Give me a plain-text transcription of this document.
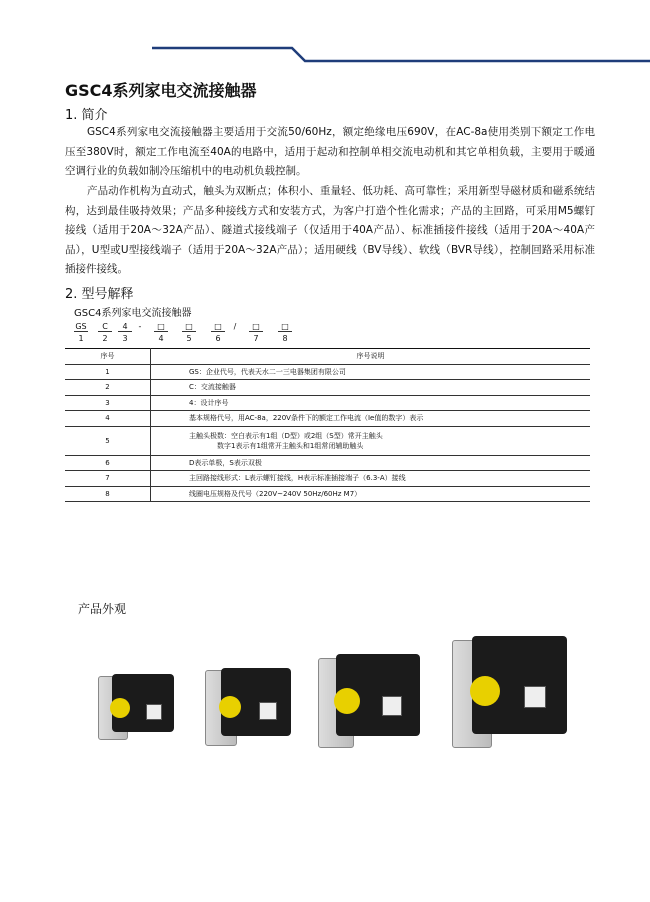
GSC4系列家电交流接触器
1. 简介
GSC4系列家电交流接触器主要适用于交流50/60Hz，额定绝缘电压690V，在AC-8a使用类别下额定工作电压至380V时，额定工作电流至40A的电路中，适用于起动和控制单相交流电动机和其它单相负载，主要用于暖通空调行业的负载如制冷压缩机中的电动机负载控制。
产品动作机构为直动式，触头为双断点；体积小、重量轻、低功耗、高可靠性；采用新型导磁材质和磁系统结构，达到最佳吸持效果；产品多种接线方式和安装方式，为客户打造个性化需求；产品的主回路，可采用M5螺钉接线（适用于20A～32A产品）、隧道式接线端子（仅适用于40A产品）、标准插接件接线（适用于20A～40A产品），U型或U型接线端子（适用于20A～32A产品）；适用硬线（BV导线）、软线（BVR导线），控制回路采用标准插接件接线。
2. 型号解释
GSC4系列家电交流接触器
GS	C	4	-	□	□	□	/	□	□
1	2	3	4	5	6	7	8
序号	序号说明
1	GS：企业代号，代表天水二一三电器集团有限公司
2	C：交流接触器
3	4：设计序号
4	基本规格代号，用AC-8a，220V条件下的额定工作电流（Ie值的数字）表示
5	主触头极数：空白表示有1组（D型）或2组（S型）常开主触头
数字1表示有1组常开主触头和1组常闭辅助触头

6	D表示单极，S表示双极
7	主回路接线形式：L表示螺钉接线，H表示标准插接端子（6.3-A）接线
8	线圈电压规格及代号（220V~240V 50Hz/60Hz M7）
产品外观
